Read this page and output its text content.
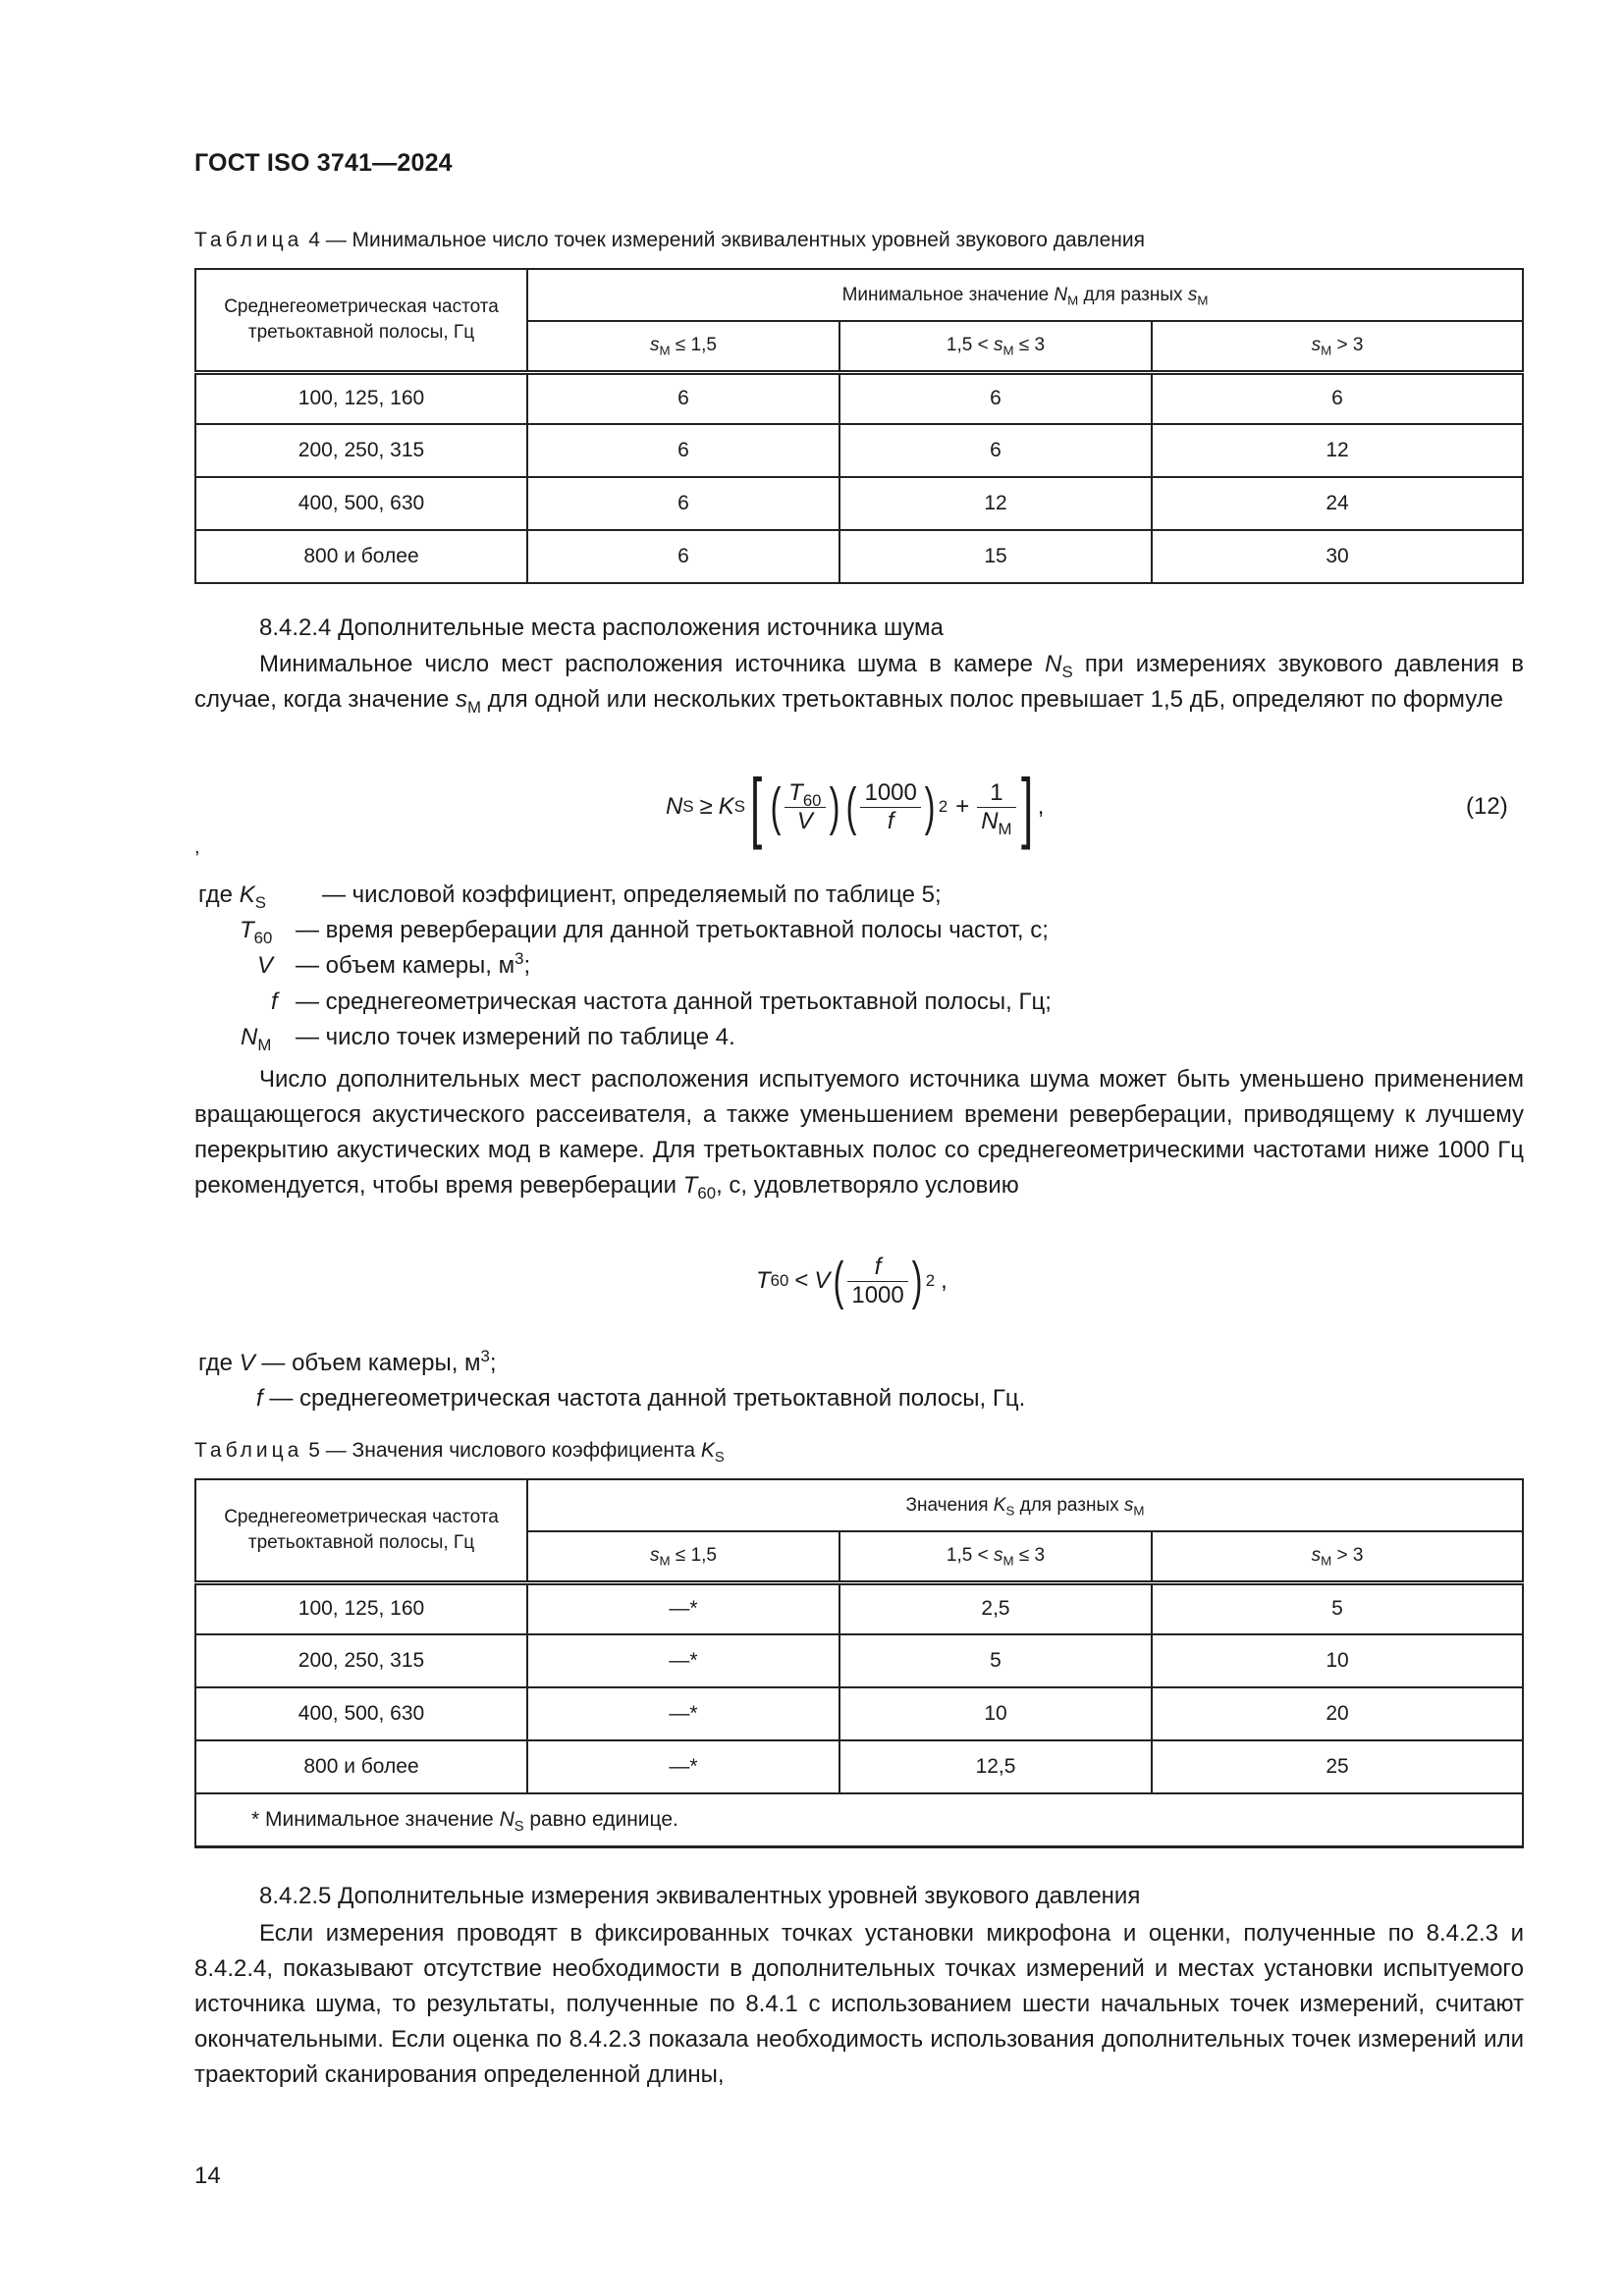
ГОСТ ISO 3741—2024
Таблица 4 — Минимальное число точек измерений эквивалентных уровней звукового давления
Среднегеометрическая частота третьоктавной полосы, Гц	Минимальное значение $N_M$ для разных $s_M$
	$s_M \le 1,5$	$1,5 < s_M \le 3$	$s_M > 3$
100, 125, 160	6	6	6
200, 250, 315	6	6	12
400, 500, 630	6	12	24
800 и более	6	15	30
8.4.2.4 Дополнительные места расположения источника шума
Минимальное число мест расположения источника шума в камере $N_S$ при измерениях звукового давления в случае, когда значение $s_M$ для одной или нескольких третьоктавных полос превышает 1,5 дБ, определяют по формуле
N S ≥ K S [ ( $\frac{T_{60}}{V}$ ) ( $\frac{1000}{f}$ ) $2 + \frac{1}{N_M}$ ] ,	(12)
,
где $K_S$ — числовой коэффициент, определяемый по таблице 5;
$T_{60}$ — время реверберации для данной третьоктавной полосы частот, с;
V — объем камеры, $м^3$;
f — среднегеометрическая частота данной третьоктавной полосы, Гц;
$N_M$ — число точек измерений по таблице 4.
Число дополнительных мест расположения испытуемого источника шума может быть уменьшено применением вращающегося акустического рассеивателя, а также уменьшением времени реверберации, приводящему к лучшему перекрытию акустических мод в камере. Для третьоктавных полос со среднегеометрическими частотами ниже 1000 Гц рекомендуется, чтобы время реверберации $T_{60}$, с, удовлетворяло условию
T 60 < V ( $\frac{f}{1000}$ ) 2 ,
где V — объем камеры, $м^3$;
f — среднегеометрическая частота данной третьоктавной полосы, Гц.
Таблица 5 — Значения числового коэффициента $K_S$
Среднегеометрическая частота третьоктавной полосы, Гц	Значения $K_S$ для разных $s_M$
	$s_M \le 1,5$	$1,5 < s_M \le 3$	$s_M > 3$
100, 125, 160	—*	2,5	5
200, 250, 315	—*	5	10
400, 500, 630	—*	10	20
800 и более	—*	12,5	25
* Минимальное значение $N_S$ равно единице.			
8.4.2.5 Дополнительные измерения эквивалентных уровней звукового давления
Если измерения проводят в фиксированных точках установки микрофона и оценки, полученные по 8.4.2.3 и 8.4.2.4, показывают отсутствие необходимости в дополнительных точках измерений и местах установки испытуемого источника шума, то результаты, полученные по 8.4.1 с использованием шести начальных точек измерений, считают окончательными. Если оценка по 8.4.2.3 показала необходимость использования дополнительных точек измерений или траекторий сканирования определенной длины,
14
